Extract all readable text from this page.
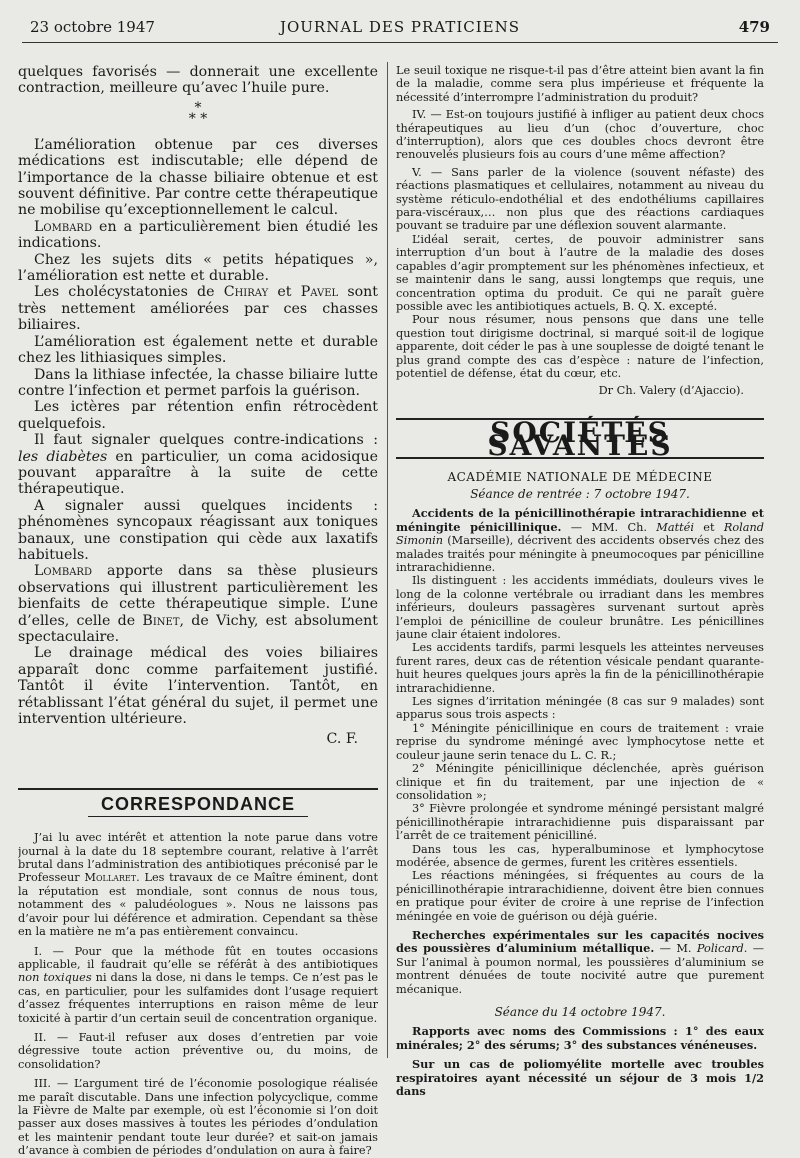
23 octobre 1947	JOURNAL DES PRATICIENS	479

quelques favorisés — donnerait une excellente contraction, meilleure qu’avec l’huile pure.

*
* *

L’amélioration obtenue par ces diverses médications est indiscutable; elle dépend de l’importance de la chasse biliaire obtenue et est souvent définitive. Par contre cette thérapeutique ne mobilise qu’exceptionnellement le calcul.

Lombard en a particulièrement bien étudié les indications.

Chez les sujets dits « petits hépatiques », l’amélioration est nette et durable.

Les cholécystatonies de Chiray et Pavel sont très nettement améliorées par ces chasses biliaires.

L’amélioration est également nette et durable chez les lithiasiques simples.

Dans la lithiase infectée, la chasse biliaire lutte contre l’infection et permet parfois la guérison.

Les ictères par rétention enfin rétrocèdent quelquefois.

Il faut signaler quelques contre-indications : les diabètes en particulier, un coma acidosique pouvant apparaître à la suite de cette thérapeutique.

A signaler aussi quelques incidents : phénomènes syncopaux réagissant aux toniques banaux, une constipation qui cède aux laxatifs habituels.

Lombard apporte dans sa thèse plusieurs observations qui illustrent particulièrement les bienfaits de cette thérapeutique simple. L’une d’elles, celle de Binet, de Vichy, est absolument spectaculaire.

Le drainage médical des voies biliaires apparaît donc comme parfaitement justifié. Tantôt il évite l’intervention. Tantôt, en rétablissant l’état général du sujet, il permet une intervention ultérieure.

C. F.

CORRESPONDANCE

J’ai lu avec intérêt et attention la note parue dans votre journal à la date du 18 septembre courant, relative à l’arrêt brutal dans l’administration des antibiotiques préconisé par le Professeur Mollaret. Les travaux de ce Maître éminent, dont la réputation est mondiale, sont connus de nous tous, notamment des « paludéologues ». Nous ne laissons pas d’avoir pour lui déférence et admiration. Cependant sa thèse en la matière ne m’a pas entièrement convaincu.

I. — Pour que la méthode fût en toutes occasions applicable, il faudrait qu’elle se référât à des antibiotiques non toxiques ni dans la dose, ni dans le temps. Ce n’est pas le cas, en particulier, pour les sulfamides dont l’usage requiert d’assez fréquentes interruptions en raison même de leur toxicité à partir d’un certain seuil de concentration organique.

II. — Faut-il refuser aux doses d’entretien par voie dégressive toute action préventive ou, du moins, de consolidation?

III. — L’argument tiré de l’économie posologique réalisée me paraît discutable. Dans une infection polycyclique, comme la Fièvre de Malte par exemple, où est l’économie si l’on doit passer aux doses massives à toutes les périodes d’ondulation et les maintenir pendant toute leur durée? et sait-on jamais d’avance à combien de périodes d’ondulation on aura à faire?

Le seuil toxique ne risque-t-il pas d’être atteint bien avant la fin de la maladie, comme sera plus impérieuse et fréquente la nécessité d’interrompre l’administration du produit?

IV. — Est-on toujours justifié à infliger au patient deux chocs thérapeutiques au lieu d’un (choc d’ouverture, choc d’interruption), alors que ces doubles chocs devront être renouvelés plusieurs fois au cours d’une même affection?

V. — Sans parler de la violence (souvent néfaste) des réactions plasmatiques et cellulaires, notamment au niveau du système réticulo-endothélial et des endothéliums capillaires para-viscéraux,… non plus que des réactions cardiaques pouvant se traduire par une déflexion souvent alarmante.

L’idéal serait, certes, de pouvoir administrer sans interruption d’un bout à l’autre de la maladie des doses capables d’agir promptement sur les phénomènes infectieux, et se maintenir dans le sang, aussi longtemps que requis, une concentration optima du produit. Ce qui ne paraît guère possible avec les antibiotiques actuels, B. Q. X. excepté.

Pour nous résumer, nous pensons que dans une telle question tout dirigisme doctrinal, si marqué soit-il de logique apparente, doit céder le pas à une souplesse de doigté tenant le plus grand compte des cas d’espèce : nature de l’infection, potentiel de défense, état du cœur, etc.

Dr Ch. Valery (d’Ajaccio).

SOCIÉTÉS SAVANTES
ACADÉMIE NATIONALE DE MÉDECINE
Séance de rentrée : 7 octobre 1947.

Accidents de la pénicillinothérapie intrarachidienne et méningite pénicillinique. — MM. Ch. Mattéi et Roland Simonin (Marseille), décrivent des accidents observés chez des malades traités pour méningite à pneumocoques par pénicilline intrarachidienne.

Ils distinguent : les accidents immédiats, douleurs vives le long de la colonne vertébrale ou irradiant dans les membres inférieurs, douleurs passagères survenant surtout après l’emploi de pénicilline de couleur brunâtre. Les pénicillines jaune clair étaient indolores.

Les accidents tardifs, parmi lesquels les atteintes nerveuses furent rares, deux cas de rétention vésicale pendant quarante-huit heures quelques jours après la fin de la pénicillinothérapie intrarachidienne.

Les signes d’irritation méningée (8 cas sur 9 malades) sont apparus sous trois aspects :

1° Méningite pénicillinique en cours de traitement : vraie reprise du syndrome méningé avec lymphocytose nette et couleur jaune serin tenace du L. C. R.;

2° Méningite pénicillinique déclenchée, après guérison clinique et fin du traitement, par une injection de « consolidation »;

3° Fièvre prolongée et syndrome méningé persistant malgré pénicillinothérapie intrarachidienne puis disparaissant par l’arrêt de ce traitement pénicilliné.

Dans tous les cas, hyperalbuminose et lymphocytose modérée, absence de germes, furent les critères essentiels.

Les réactions méningées, si fréquentes au cours de la pénicillinothérapie intrarachidienne, doivent être bien connues en pratique pour éviter de croire à une reprise de l’infection méningée en voie de guérison ou déjà guérie.

Recherches expérimentales sur les capacités nocives des poussières d’aluminium métallique. — M. Policard. — Sur l’animal à poumon normal, les poussières d’aluminium se montrent dénuées de toute nocivité autre que purement mécanique.

Séance du 14 octobre 1947.

Rapports avec noms des Commissions : 1° des eaux minérales; 2° des sérums; 3° des substances vénéneuses.

Sur un cas de poliomyélite mortelle avec troubles respiratoires ayant nécessité un séjour de 3 mois 1/2 dans
